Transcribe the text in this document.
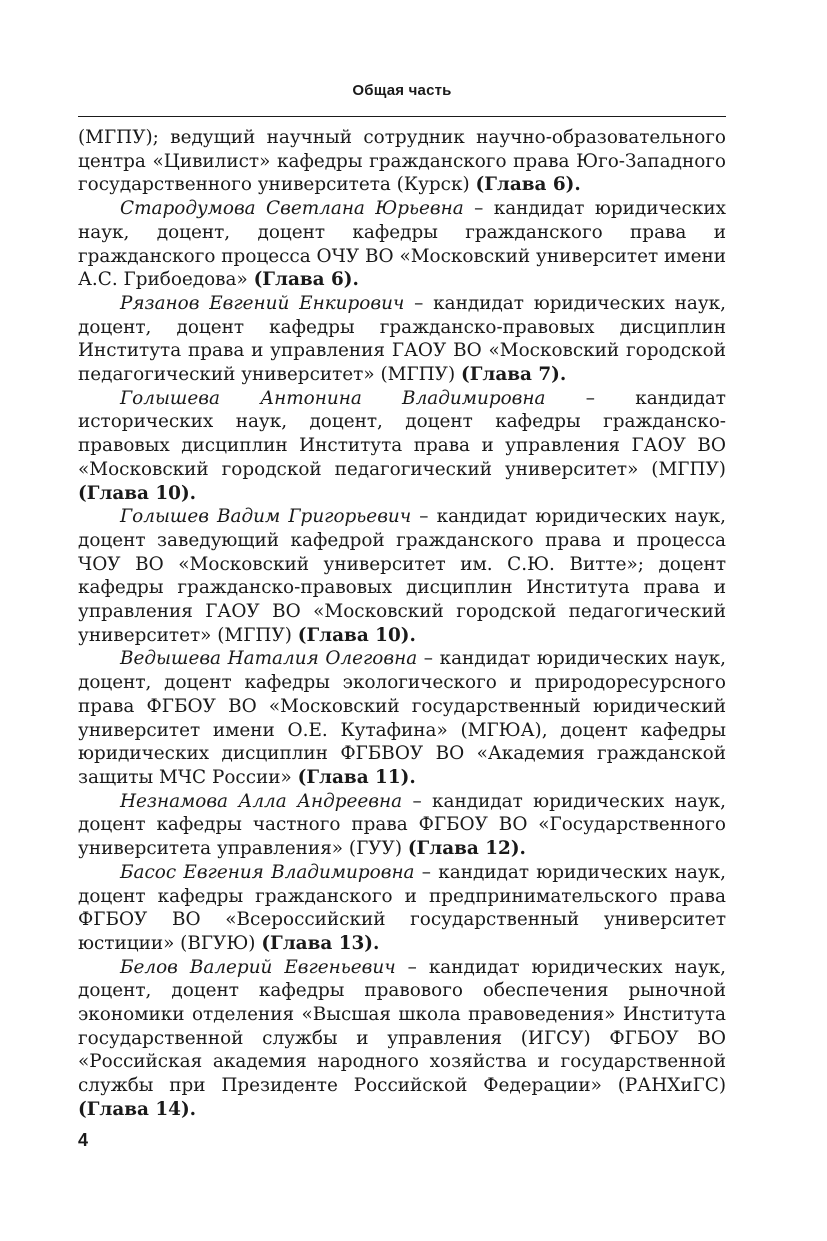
Общая часть

(МГПУ); ведущий научный сотрудник научно-образовательного центра «Цивилист» кафедры гражданского права Юго-Западного государственного университета (Курск) (Глава 6).

Стародумова Светлана Юрьевна – кандидат юридических наук, доцент, доцент кафедры гражданского права и гражданского процесса ОЧУ ВО «Московский университет имени А.С. Грибоедова» (Глава 6).

Рязанов Евгений Енкирович – кандидат юридических наук, доцент, доцент кафедры гражданско-правовых дисциплин Института права и управления ГАОУ ВО «Московский городской педагогический университет» (МГПУ) (Глава 7).

Голышева Антонина Владимировна – кандидат исторических наук, доцент, доцент кафедры гражданско-правовых дисциплин Института права и управления ГАОУ ВО «Московский городской педагогический университет» (МГПУ) (Глава 10).

Голышев Вадим Григорьевич – кандидат юридических наук, доцент заведующий кафедрой гражданского права и процесса ЧОУ ВО «Московский университет им. С.Ю. Витте»; доцент кафедры гражданско-правовых дисциплин Института права и управления ГАОУ ВО «Московский городской педагогический университет» (МГПУ) (Глава 10).

Ведышева Наталия Олеговна – кандидат юридических наук, доцент, доцент кафедры экологического и природоресурсного права ФГБОУ ВО «Московский государственный юридический университет имени О.Е. Кутафина» (МГЮА), доцент кафедры юридических дисциплин ФГБВОУ ВО «Академия гражданской защиты МЧС России» (Глава 11).

Незнамова Алла Андреевна – кандидат юридических наук, доцент кафедры частного права ФГБОУ ВО «Государственного университета управления» (ГУУ) (Глава 12).

Басос Евгения Владимировна – кандидат юридических наук, доцент кафедры гражданского и предпринимательского права ФГБОУ ВО «Всероссийский государственный университет юстиции» (ВГУЮ) (Глава 13).

Белов Валерий Евгеньевич – кандидат юридических наук, доцент, доцент кафедры правового обеспечения рыночной экономики отделения «Высшая школа правоведения» Института государственной службы и управления (ИГСУ) ФГБОУ ВО «Российская академия народного хозяйства и государственной службы при Президенте Российской Федерации» (РАНХиГС) (Глава 14).

4
